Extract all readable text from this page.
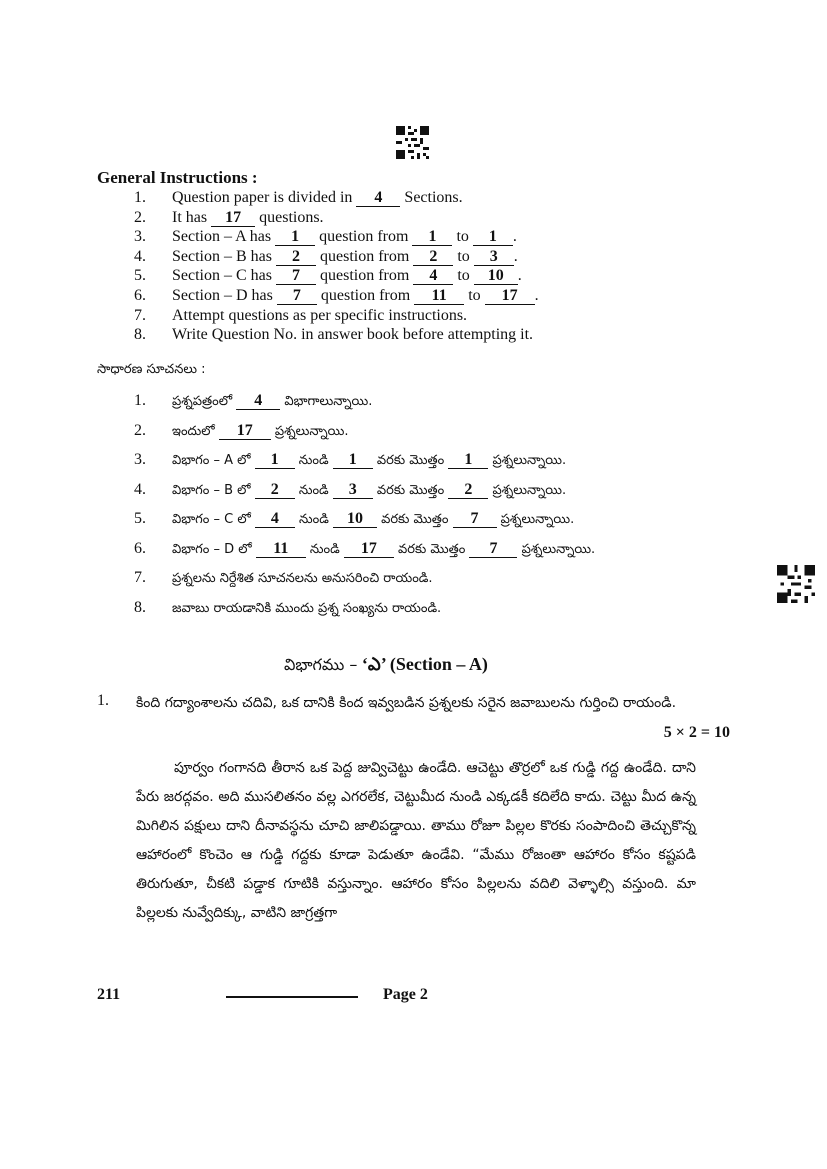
General Instructions :
1. Question paper is divided in 4 Sections.
2. It has 17 questions.
3. Section – A has 1 question from 1 to 1 .
4. Section – B has 2 question from 2 to 3 .
5. Section – C has 7 question from 4 to 10 .
6. Section – D has 7 question from 11 to 17 .
7. Attempt questions as per specific instructions.
8. Write Question No. in answer book before attempting it.
సాధారణ సూచనలు :
1. ప్రశ్నపత్రంలో 4 విభాగాలున్నాయి.
2. ఇందులో 17 ప్రశ్నలున్నాయి.
3. విభాగం – A లో 1 నుండి 1 వరకు మొత్తం 1 ప్రశ్నలున్నాయి.
4. విభాగం – B లో 2 నుండి 3 వరకు మొత్తం 2 ప్రశ్నలున్నాయి.
5. విభాగం – C లో 4 నుండి 10 వరకు మొత్తం 7 ప్రశ్నలున్నాయి.
6. విభాగం – D లో 11 నుండి 17 వరకు మొత్తం 7 ప్రశ్నలున్నాయి.
7. ప్రశ్నలను నిర్దేశిత సూచనలను అనుసరించి రాయండి.
8. జవాబు రాయడానికి ముందు ప్రశ్న సంఖ్యను రాయండి.
విభాగము – ‘ఎ’ (Section – A)
1. కింది గద్యాంశాలను చదివి, ఒక దానికి కింద ఇవ్వబడిన ప్రశ్నలకు సరైన జవాబులను గుర్తించి రాయండి.
5 × 2 = 10

పూర్వం గంగానది తీరాన ఒక పెద్ద జువ్విచెట్టు ఉండేది. ఆచెట్టు తొర్రలో ఒక గుడ్డి గద్ద ఉండేది. దాని పేరు జరద్గవం. అది ముసలితనం వల్ల ఎగరలేక, చెట్టుమీద నుండి ఎక్కడకీ కదిలేది కాదు. చెట్టు మీద ఉన్న మిగిలిన పక్షులు దాని దీనావస్థను చూచి జాలిపడ్డాయి. తాము రోజూ పిల్లల కొరకు సంపాదించి తెచ్చుకొన్న ఆహారంలో కొంచెం ఆ గుడ్డి గద్దకు కూడా పెడుతూ ఉండేవి. “మేము రోజంతా ఆహారం కోసం కష్టపడి తిరుగుతూ, చీకటి పడ్డాక గూటికి వస్తున్నాం. ఆహారం కోసం పిల్లలను వదిలి వెళ్ళాల్సి వస్తుంది. మా పిల్లలకు నువ్వేదిక్కు, వాటిని జాగ్రత్తగా

211	Page 2
